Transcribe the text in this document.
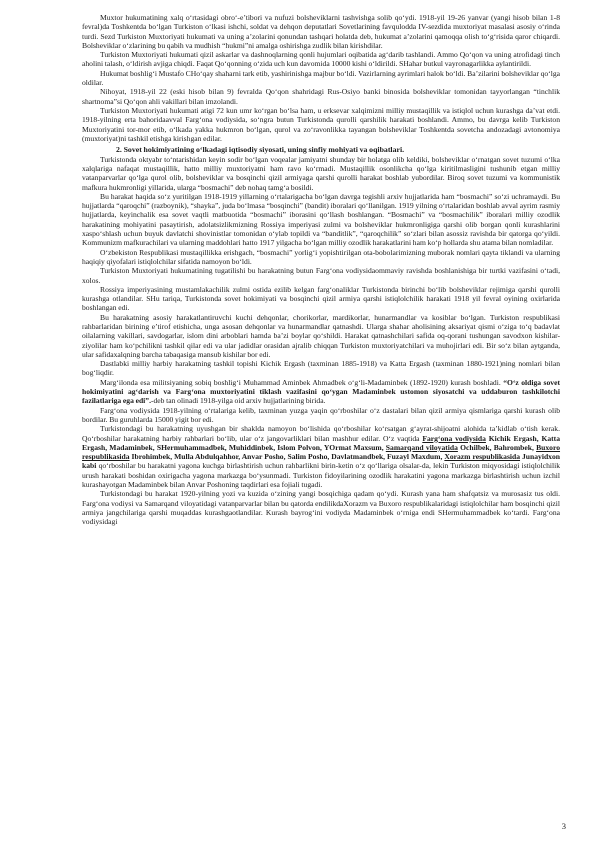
Muxtor hukumatining xalq o‘rtasidagi obro‘-e’tibori va nufuzi bolsheviklarni tashvishga solib qo‘ydi. 1918-yil 19-26 yanvar (yangi hisob bilan 1-8 fevral)da Toshkentda bo‘lgan Turkiston o‘lkasi ishchi, soldat va dehqon deputatlari Sovetlarining favqulodda IV-sezdida muxtoriyat masalasi asosiy o‘rinda turdi. Sezd Turkiston Muxtoriyati hukumati va uning a’zolarini qonundan tashqari holatda deb, hukumat a’zolarini qamoqqa olish to‘g‘risida qaror chiqardi. Bolsheviklar o‘zlarining bu qabih va mudhish “hukmi”ni amalga oshirishga zudlik bilan kirishdilar.

Turkiston Muxtoriyati hukumati qizil askarlar va dashnoqlarning qonli hujumlari oqibatida ag‘darib tashlandi. Ammo Qo‘qon va uning atrofidagi tinch aholini talash, o‘ldirish avjiga chiqdi. Faqat Qo‘qonning o‘zida uch kun davomida 10000 kishi o‘ldirildi. SHahar butkul vayronagarlikka aylantirildi.

Hukumat boshlig‘i Mustafo CHo‘qay shaharni tark etib, yashirinishga majbur bo‘ldi. Vazirlarning ayrimlari halok bo‘ldi. Ba’zilarini bolsheviklar qo‘lga oldilar.

Nihoyat, 1918-yil 22 (eski hisob bilan 9) fevralda Qo‘qon shahridagi Rus-Osiyo banki binosida bolsheviklar tomonidan tayyorlangan “tinchlik shartnoma”si Qo‘qon ahli vakillari bilan imzolandi.

Turkiston Muxtoriyati hukumati atigi 72 kun umr ko‘rgan bo‘lsa ham, u erksevar xalqimizni milliy mustaqillik va istiqlol uchun kurashga da’vat etdi. 1918-yilning erta bahoridaavval Farg‘ona vodiysida, so‘ngra butun Turkistonda qurolli qarshilik harakati boshlandi. Ammo, bu davrga kelib Turkiston Muxtoriyatini tor-mor etib, o‘lkada yakka hukmron bo‘lgan, qurol va zo‘ravonlikka tayangan bolsheviklar Toshkentda sovetcha andozadagi avtonomiya (muxtoriyat)ni tashkil etishga kirishgan edilar.

2. Sovet hokimiyatining o‘lkadagi iqtisodiy siyosati, uning sinfiy mohiyati va oqibatlari.

Turkistonda oktyabr to‘ntarishidan keyin sodir bo‘lgan voqealar jamiyatni shunday bir holatga olib keldiki, bolsheviklar o‘rnatgan sovet tuzumi o‘lka xalqlariga nafaqat mustaqillik, hatto milliy muxtoriyatni ham ravo ko‘rmadi. Mustaqillik osonlikcha qo‘lga kiritilmasligini tushunib etgan milliy vatanparvarlar qo‘lga qurol olib, bolsheviklar va bosqinchi qizil armiyaga qarshi qurolli harakat boshlab yubordilar. Biroq sovet tuzumi va kommunistik mafkura hukmronligi yillarida, ularga “bosmachi” deb nohaq tamg‘a bosildi.

Bu harakat haqida so‘z yuritilgan 1918-1919 yillarning o‘rtalarigacha bo‘lgan davrga tegishli arxiv hujjatlarida ham “bosmachi” so‘zi uchramaydi. Bu hujjatlarda “qaroqchi” (razboynik), “shayka”, juda bo‘lmasa “bosqinchi” (bandit) iboralari qo‘llanilgan. 1919 yilning o‘rtalaridan boshlab avval ayrim rasmiy hujjatlarda, keyinchalik esa sovet vaqtli matbuotida “bosmachi” iborasini qo‘llash boshlangan. “Bosmachi” va “bosmachilik” iboralari milliy ozodlik harakatining mohiyatini pasaytirish, adolatsizlikmizning Rossiya imperiyasi zulmi va bolsheviklar hukmronligiga qarshi olib borgan qonli kurashlarini xaspo‘shlash uchun buyuk davlatchi shovinistlar tomonidan o‘ylab topildi va “banditlik”, “qaroqchilik” so‘zlari bilan asossiz ravishda bir qatorga qo‘yildi. Kommunizm mafkurachilari va ularning maddohlari hatto 1917 yilgacha bo‘lgan milliy ozodlik harakatlarini ham ko‘p hollarda shu atama bilan nomladilar.

O‘zbekiston Respublikasi mustaqillikka erishgach, “bosmachi” yorlig‘i yopishtirilgan ota-bobolarimizning muborak nomlari qayta tiklandi va ularning haqiqiy qiyofalari istiqlolchilar sifatida namoyon bo‘ldi.

Turkiston Muxtoriyati hukumatining tugatilishi bu harakatning butun Farg‘ona vodiysidaommaviy ravishda boshlanishiga bir turtki vazifasini o‘tadi, xolos.

Rossiya imperiyasining mustamlakachilik zulmi ostida ezilib kelgan farg‘onaliklar Turkistonda birinchi bo‘lib bolsheviklar rejimiga qarshi qurolli kurashga otlandilar. SHu tariqa, Turkistonda sovet hokimiyati va bosqinchi qizil armiya qarshi istiqlolchilik harakati 1918 yil fevral oyining oxirlarida boshlangan edi.

Bu harakatning asosiy harakatlantiruvchi kuchi dehqonlar, chorikorlar, mardikorlar, hunarmandlar va kosiblar bo‘lgan. Turkiston respublikasi rahbarlaridan birining e’tirof etishicha, unga asosan dehqonlar va hunarmandlar qatnashdi. Ularga shahar aholisining aksariyat qismi o‘ziga to‘q badavlat oilalarning vakillari, savdogarlar, islom dini arboblari hamda ba’zi boylar qo‘shildi. Harakat qatnashchilari safida oq-qorani tushungan savodxon kishilar-ziyolilar ham ko‘pchilikni tashkil qilar edi va ular jadidlar orasidan ajralib chiqqan Turkiston muxtoriyatchilari va muhojirlari edi. Bir so‘z bilan aytganda, ular safidaxalqning barcha tabaqasiga mansub kishilar bor edi.

Dastlabki milliy harbiy harakatning tashkil topishi Kichik Ergash (taxminan 1885-1918) va Katta Ergash (taxminan 1880-1921)ning nomlari bilan bog‘liqdir.

Marg‘ilonda esa militsiyaning sobiq boshlig‘i Muhammad Aminbek Ahmadbek o‘g‘li-Madaminbek (1892-1920) kurash boshladi. “O‘z oldiga sovet hokimiyatini ag‘darish va Farg‘ona muxtoriyatini tiklash vazifasini qo‘ygan Madaminbek ustomon siyosatchi va uddaburon tashkilotchi fazilatlariga ega edi”.-deb tan olinadi 1918-yilga oid arxiv hujjatlarining birida.

Farg‘ona vodiysida 1918-yilning o‘rtalariga kelib, taxminan yuzga yaqin qo‘rboshilar o‘z dastalari bilan qizil armiya qismlariga qarshi kurash olib bordilar. Bu guruhlarda 15000 yigit bor edi.

Turkistondagi bu harakatning uyushgan bir shaklda namoyon bo‘lishida qo‘rboshilar ko‘rsatgan g‘ayrat-shijoatni alohida ta’kidlab o‘tish kerak. Qo‘rboshilar harakatning harbiy rahbarlari bo‘lib, ular o‘z jangovarliklari bilan mashhur edilar. O‘z vaqtida Farg‘ona vodiysida Kichik Ergash, Katta Ergash, Madaminbek, SHermuhammadbek, Muhiddinbek, Islom Polvon, YOrmat Maxsum, Samarqand viloyatida Ochilbek, Bahrombek, Buxoro respublikasida Ibrohimbek, Mulla Abdulqahhor, Anvar Posho, Salim Posho, Davlatmandbek, Fuzayl Maxdum, Xorazm respublikasida Junayidxon kabi qo‘rboshilar bu harakatni yagona kuchga birlashtirish uchun rahbarlikni birin-ketin o‘z qo‘llariga olsalar-da, lekin Turkiston miqyosidagi istiqlolchilik urush harakati boshidan oxirigacha yagona markazga bo‘ysunmadi. Turkiston fidoyilarining ozodlik harakatini yagona markazga birlashtirish uchun izchil kurashayotgan Madaminbek bilan Anvar Poshoning taqdirlari esa fojiali tugadi.

Turkistondagi bu harakat 1920-yilning yozi va kuzida o‘zining yangi bosqichiga qadam qo‘ydi. Kurash yana ham shafqatsiz va murosasiz tus oldi. Farg‘ona vodiysi va Samarqand viloyatidagi vatanparvarlar bilan bu qatorda endilikdaXorazm va Buxoro respublikalaridagi istiqlolchilar ham bosqinchi qizil armiya jangchilariga qarshi muqaddas kurashgaotlandilar. Kurash bayrog‘ini vodiyda Madaminbek o‘rniga endi SHermuhammadbek ko‘tardi. Farg‘ona vodiysidagi

3
